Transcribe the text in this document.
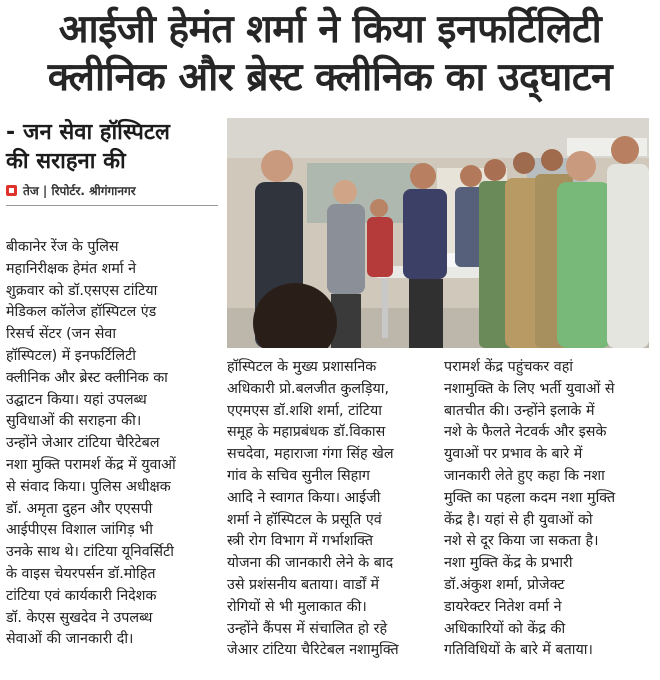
आईजी हेमंत शर्मा ने किया इनफर्टिलिटी
क्लीनिक और ब्रेस्ट क्लीनिक का उद्‌घाटन
- जन सेवा हॉस्पिटल
की सराहना की
तेज | रिपोर्टर. श्रीगंगानगर
बीकानेर रेंज के पुलिस
महानिरीक्षक हेमंत शर्मा ने
शुक्रवार को डॉ.एसएस टांटिया
मेडिकल कॉलेज हॉस्पिटल एंड
रिसर्च सेंटर (जन सेवा
हॉस्पिटल) में इनफर्टिलिटी
क्लीनिक और ब्रेस्ट क्लीनिक का
उद्घाटन किया। यहां उपलब्ध
सुविधाओं की सराहना की।
उन्होंने जेआर टांटिया चैरिटेबल
नशा मुक्ति परामर्श केंद्र में युवाओं
से संवाद किया। पुलिस अधीक्षक
डॉ. अमृता दुहन और एएसपी
आईपीएस विशाल जांगिड़ भी
उनके साथ थे। टांटिया यूनिवर्सिटी
के वाइस चेयरपर्सन डॉ.मोहित
टांटिया एवं कार्यकारी निदेशक
डॉ. केएस सुखदेव ने उपलब्ध
सेवाओं की जानकारी दी।
हॉस्पिटल के मुख्य प्रशासनिक
अधिकारी प्रो.बलजीत कुलड़िया,
एएमएस डॉ.शशि शर्मा, टांटिया
समूह के महाप्रबंधक डॉ.विकास
सचदेवा, महाराजा गंगा सिंह खेल
गांव के सचिव सुनील सिहाग
आदि ने स्वागत किया। आईजी
शर्मा ने हॉस्पिटल के प्रसूति एवं
स्त्री रोग विभाग में गर्भाशक्ति
योजना की जानकारी लेने के बाद
उसे प्रशंसनीय बताया। वार्डों में
रोगियों से भी मुलाकात की।
उन्होंने कैंपस में संचालित हो रहे
जेआर टांटिया चैरिटेबल नशामुक्ति
परामर्श केंद्र पहुंचकर वहां
नशामुक्ति के लिए भर्ती युवाओं से
बातचीत की। उन्होंने इलाके में
नशे के फैलते नेटवर्क और इसके
युवाओं पर प्रभाव के बारे में
जानकारी लेते हुए कहा कि नशा
मुक्ति का पहला कदम नशा मुक्ति
केंद्र है। यहां से ही युवाओं को
नशे से दूर किया जा सकता है।
नशा मुक्ति केंद्र के प्रभारी
डॉ.अंकुश शर्मा, प्रोजेक्ट
डायरेक्टर नितेश वर्मा ने
अधिकारियों को केंद्र की
गतिविधियों के बारे में बताया।
